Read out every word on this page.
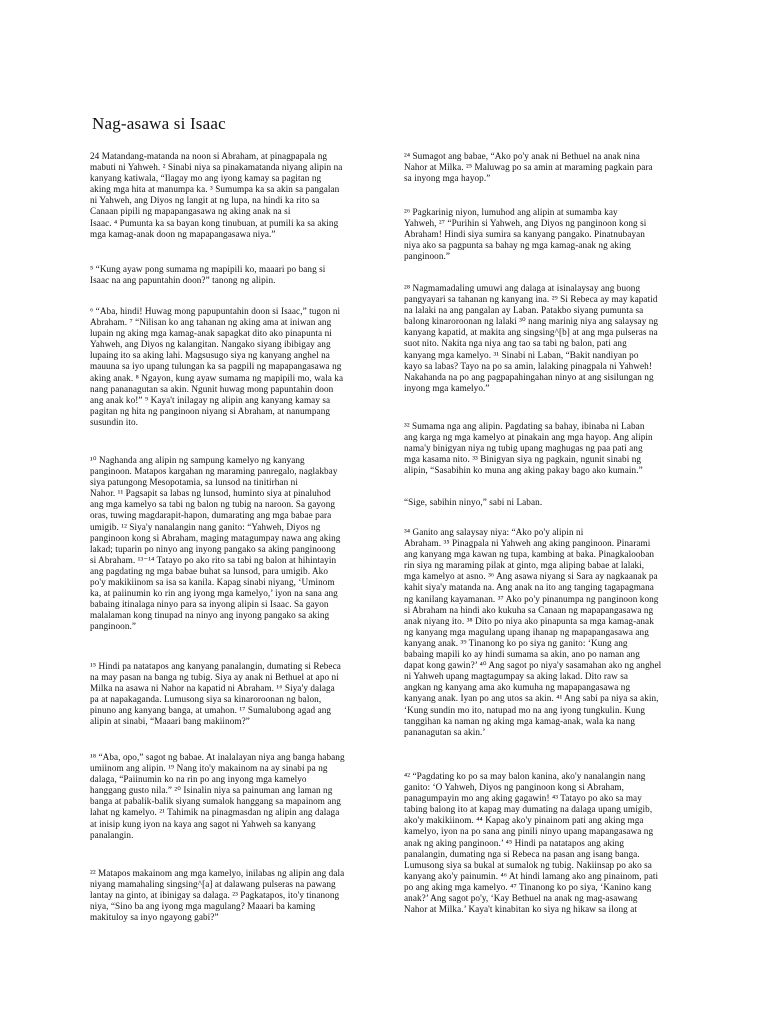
Nag-asawa si Isaac

24 Matandang-matanda na noon si Abraham, at pinagpapala ng
mabuti ni Yahweh. ² Sinabi niya sa pinakamatanda niyang alipin na
kanyang katiwala, “Ilagay mo ang iyong kamay sa pagitan ng
aking mga hita at manumpa ka. ³ Sumumpa ka sa akin sa pangalan
ni Yahweh, ang Diyos ng langit at ng lupa, na hindi ka rito sa
Canaan pipili ng mapapangasawa ng aking anak na si
Isaac. ⁴ Pumunta ka sa bayan kong tinubuan, at pumili ka sa aking
mga kamag-anak doon ng mapapangasawa niya.”

⁵ “Kung ayaw pong sumama ng mapipili ko, maaari po bang si
Isaac na ang papuntahin doon?” tanong ng alipin.

⁶ “Aba, hindi! Huwag mong papupuntahin doon si Isaac,” tugon ni
Abraham. ⁷ “Nilisan ko ang tahanan ng aking ama at iniwan ang
lupain ng aking mga kamag-anak sapagkat dito ako pinapunta ni
Yahweh, ang Diyos ng kalangitan. Nangako siyang ibibigay ang
lupaing ito sa aking lahi. Magsusugo siya ng kanyang anghel na
mauuna sa iyo upang tulungan ka sa pagpili ng mapapangasawa ng
aking anak. ⁸ Ngayon, kung ayaw sumama ng mapipili mo, wala ka
nang pananagutan sa akin. Ngunit huwag mong papuntahin doon
ang anak ko!” ⁹ Kaya't inilagay ng alipin ang kanyang kamay sa
pagitan ng hita ng panginoon niyang si Abraham, at nanumpang
susundin ito.

¹⁰ Naghanda ang alipin ng sampung kamelyo ng kanyang
panginoon. Matapos kargahan ng maraming panregalo, naglakbay
siya patungong Mesopotamia, sa lunsod na tinitirhan ni
Nahor. ¹¹ Pagsapit sa labas ng lunsod, huminto siya at pinaluhod
ang mga kamelyo sa tabi ng balon ng tubig na naroon. Sa gayong
oras, tuwing magdarapit-hapon, dumarating ang mga babae para
umigib. ¹² Siya'y nanalangin nang ganito: “Yahweh, Diyos ng
panginoon kong si Abraham, maging matagumpay nawa ang aking
lakad; tuparin po ninyo ang inyong pangako sa aking panginoong
si Abraham. ¹³⁻¹⁴ Tatayo po ako rito sa tabi ng balon at hihintayin
ang pagdating ng mga babae buhat sa lunsod, para umigib. Ako
po'y makikiinom sa isa sa kanila. Kapag sinabi niyang, ‘Uminom
ka, at paiinumin ko rin ang iyong mga kamelyo,’ iyon na sana ang
babaing itinalaga ninyo para sa inyong alipin si Isaac. Sa gayon
malalaman kong tinupad na ninyo ang inyong pangako sa aking
panginoon.”

¹⁵ Hindi pa natatapos ang kanyang panalangin, dumating si Rebeca
na may pasan na banga ng tubig. Siya ay anak ni Bethuel at apo ni
Milka na asawa ni Nahor na kapatid ni Abraham. ¹⁶ Siya'y dalaga
pa at napakaganda. Lumusong siya sa kinaroroonan ng balon,
pinuno ang kanyang banga, at umahon. ¹⁷ Sumalubong agad ang
alipin at sinabi, “Maaari bang makiinom?”

¹⁸ “Aba, opo,” sagot ng babae. At inalalayan niya ang banga habang
umiinom ang alipin. ¹⁹ Nang ito'y makainom na ay sinabi pa ng
dalaga, “Paiinumin ko na rin po ang inyong mga kamelyo
hanggang gusto nila.” ²⁰ Isinalin niya sa painuman ang laman ng
banga at pabalik-balik siyang sumalok hanggang sa mapainom ang
lahat ng kamelyo. ²¹ Tahimik na pinagmasdan ng alipin ang dalaga
at inisip kung iyon na kaya ang sagot ni Yahweh sa kanyang
panalangin.

²² Matapos makainom ang mga kamelyo, inilabas ng alipin ang dala
niyang mamahaling singsing^[a] at dalawang pulseras na pawang
lantay na ginto, at ibinigay sa dalaga. ²³ Pagkatapos, ito'y tinanong
niya, “Sino ba ang iyong mga magulang? Maaari ba kaming
makituloy sa inyo ngayong gabi?”

²⁴ Sumagot ang babae, “Ako po'y anak ni Bethuel na anak nina
Nahor at Milka. ²⁵ Maluwag po sa amin at maraming pagkain para
sa inyong mga hayop.”

²⁶ Pagkarinig niyon, lumuhod ang alipin at sumamba kay
Yahweh, ²⁷ “Purihin si Yahweh, ang Diyos ng panginoon kong si
Abraham! Hindi siya sumira sa kanyang pangako. Pinatnubayan
niya ako sa pagpunta sa bahay ng mga kamag-anak ng aking
panginoon.”

²⁸ Nagmamadaling umuwi ang dalaga at isinalaysay ang buong
pangyayari sa tahanan ng kanyang ina. ²⁹ Si Rebeca ay may kapatid
na lalaki na ang pangalan ay Laban. Patakbo siyang pumunta sa
balong kinaroroonan ng lalaki ³⁰ nang marinig niya ang salaysay ng
kanyang kapatid, at makita ang singsing^[b] at ang mga pulseras na
suot nito. Nakita nga niya ang tao sa tabi ng balon, pati ang
kanyang mga kamelyo. ³¹ Sinabi ni Laban, “Bakit nandiyan po
kayo sa labas? Tayo na po sa amin, lalaking pinagpala ni Yahweh!
Nakahanda na po ang pagpapahingahan ninyo at ang sisilungan ng
inyong mga kamelyo.”

³² Sumama nga ang alipin. Pagdating sa bahay, ibinaba ni Laban
ang karga ng mga kamelyo at pinakain ang mga hayop. Ang alipin
nama'y binigyan niya ng tubig upang maghugas ng paa pati ang
mga kasama nito. ³³ Binigyan siya ng pagkain, ngunit sinabi ng
alipin, “Sasabihin ko muna ang aking pakay bago ako kumain.”

“Sige, sabihin ninyo,” sabi ni Laban.

³⁴ Ganito ang salaysay niya: “Ako po'y alipin ni
Abraham. ³⁵ Pinagpala ni Yahweh ang aking panginoon. Pinarami
ang kanyang mga kawan ng tupa, kambing at baka. Pinagkalooban
rin siya ng maraming pilak at ginto, mga aliping babae at lalaki,
mga kamelyo at asno. ³⁶ Ang asawa niyang si Sara ay nagkaanak pa
kahit siya'y matanda na. Ang anak na ito ang tanging tagapagmana
ng kanilang kayamanan. ³⁷ Ako po'y pinanumpa ng panginoon kong
si Abraham na hindi ako kukuha sa Canaan ng mapapangasawa ng
anak niyang ito. ³⁸ Dito po niya ako pinapunta sa mga kamag-anak
ng kanyang mga magulang upang ihanap ng mapapangasawa ang
kanyang anak. ³⁹ Tinanong ko po siya ng ganito: ‘Kung ang
babaing mapili ko ay hindi sumama sa akin, ano po naman ang
dapat kong gawin?’ ⁴⁰ Ang sagot po niya'y sasamahan ako ng anghel
ni Yahweh upang magtagumpay sa aking lakad. Dito raw sa
angkan ng kanyang ama ako kumuha ng mapapangasawa ng
kanyang anak. Iyan po ang utos sa akin. ⁴¹ Ang sabi pa niya sa akin,
‘Kung sundin mo ito, natupad mo na ang iyong tungkulin. Kung
tanggihan ka naman ng aking mga kamag-anak, wala ka nang
pananagutan sa akin.’

⁴² “Pagdating ko po sa may balon kanina, ako'y nanalangin nang
ganito: ‘O Yahweh, Diyos ng panginoon kong si Abraham,
panagumpayin mo ang aking gagawin! ⁴³ Tatayo po ako sa may
tabing balong ito at kapag may dumating na dalaga upang umigib,
ako'y makikiinom. ⁴⁴ Kapag ako'y pinainom pati ang aking mga
kamelyo, iyon na po sana ang pinili ninyo upang mapangasawa ng
anak ng aking panginoon.’ ⁴⁵ Hindi pa natatapos ang aking
panalangin, dumating nga si Rebeca na pasan ang isang banga.
Lumusong siya sa bukal at sumalok ng tubig. Nakiinsap po ako sa
kanyang ako'y painumin. ⁴⁶ At hindi lamang ako ang pinainom, pati
po ang aking mga kamelyo. ⁴⁷ Tinanong ko po siya, ‘Kanino kang
anak?’ Ang sagot po'y, ‘Kay Bethuel na anak ng mag-asawang
Nahor at Milka.’ Kaya't kinabitan ko siya ng hikaw sa ilong at
